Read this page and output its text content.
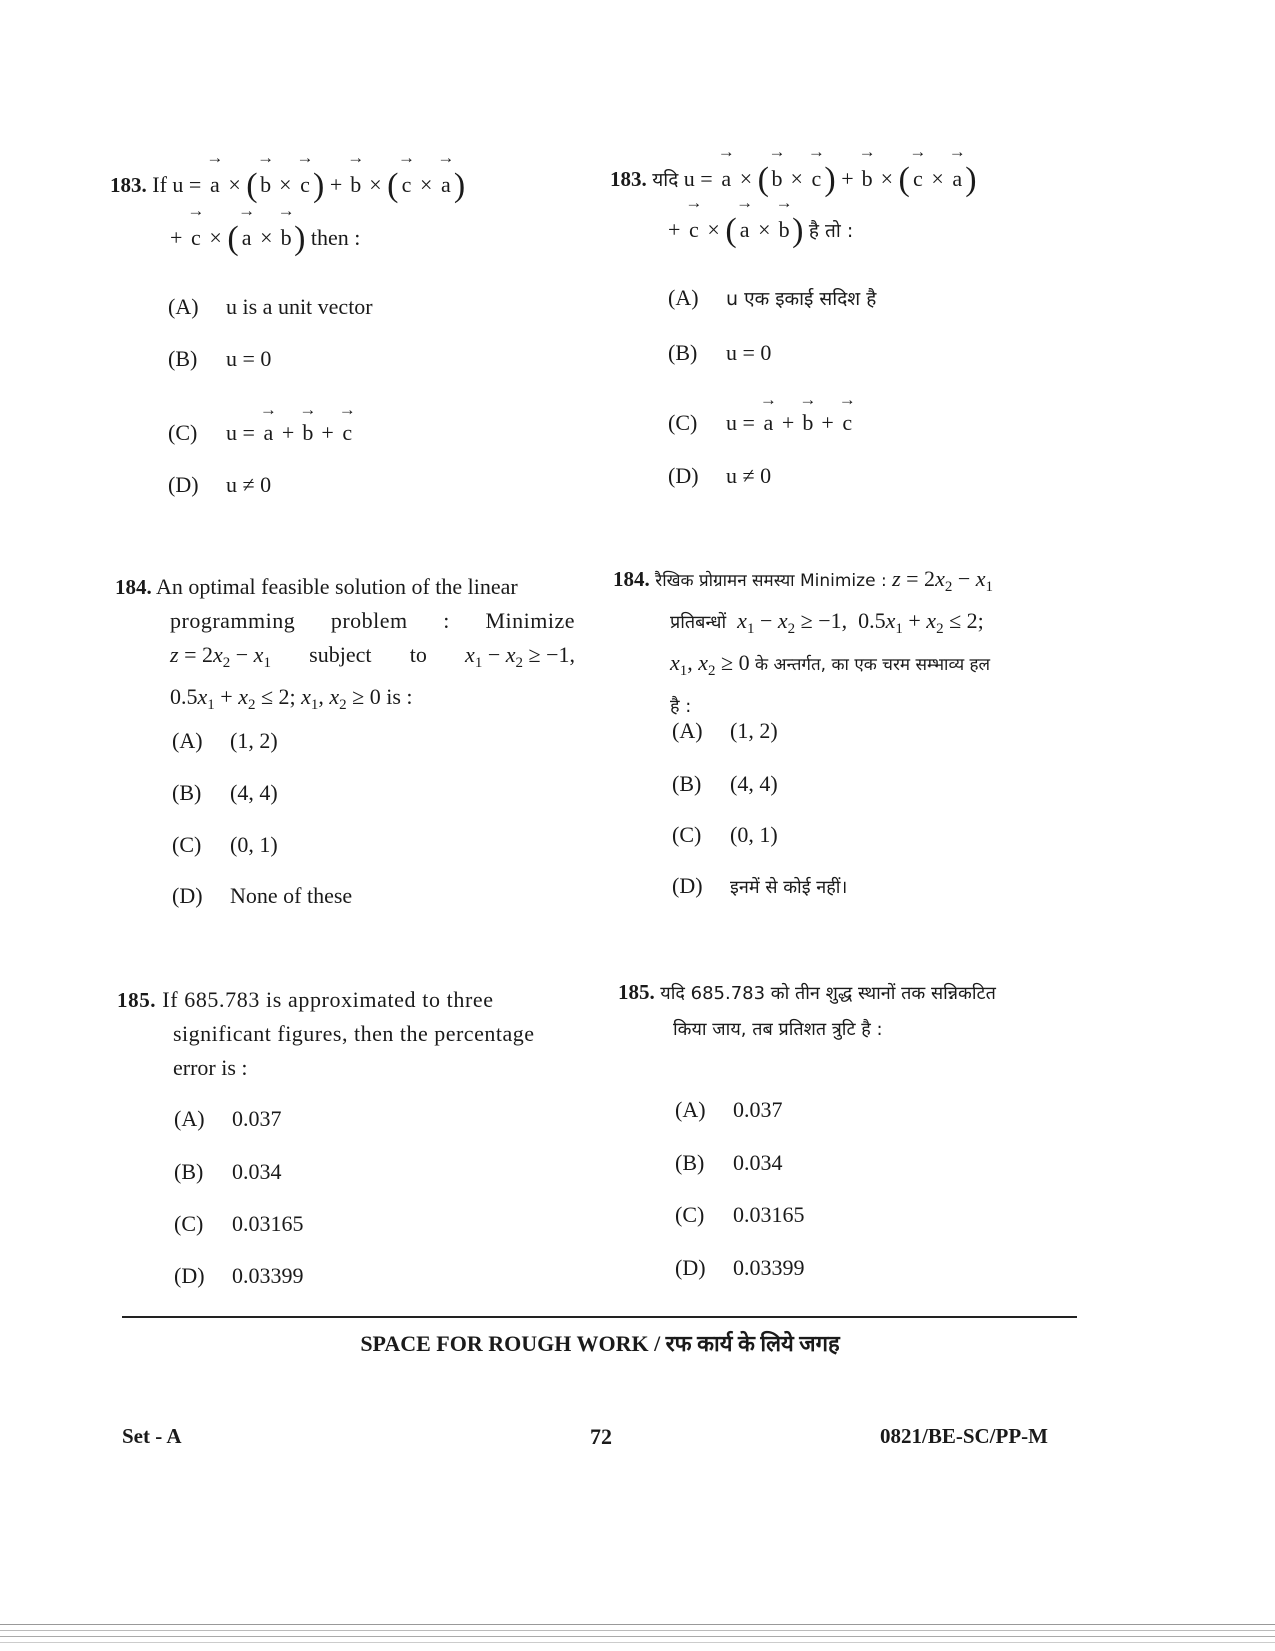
183. If u = → a × ( → b × → c) + → b × ( → c × → a)
+ → c × ( → a × → b) then :
(A) u is a unit vector
(B) u = 0
(C) u = → a + → b + → c
(D) u ≠ 0
183. यदि u = → a × ( → b × → c) + → b × ( → c × → a)
+ → c × ( → a × → b) है तो :
(A) u एक इकाई सदिश है
(B) u = 0
(C) u = → a + → b + → c
(D) u ≠ 0
184. An optimal feasible solution of the linear
programming problem : Minimize
$z = 2x_2 - x_1$ subject to $x_1 - x_2 \ge -1$,
$0.5x_1 + x_2 \le 2$; $x_1$, $x_2 \ge 0$ is :
(A) (1, 2)
(B) (4, 4)
(C) (0, 1)
(D) None of these
184. रैखिक प्रोग्रामन समस्या Minimize : $z = 2x_2 - x_1$
प्रतिबन्धों $x_1 - x_2 \ge -1$, $0.5x_1 + x_2 \le 2$;
$x_1$, $x_2 \ge 0$ के अन्तर्गत, का एक चरम सम्भाव्य हल
है :
(A) (1, 2)
(B) (4, 4)
(C) (0, 1)
(D) इनमें से कोई नहीं।
185. If 685.783 is approximated to three
significant figures, then the percentage
error is :
(A) 0.037
(B) 0.034
(C) 0.03165
(D) 0.03399
185. यदि 685.783 को तीन शुद्ध स्थानों तक सन्निकटित
किया जाय, तब प्रतिशत त्रुटि है :
(A) 0.037
(B) 0.034
(C) 0.03165
(D) 0.03399
SPACE FOR ROUGH WORK / रफ कार्य के लिये जगह
Set - A	72	0821/BE-SC/PP-M
